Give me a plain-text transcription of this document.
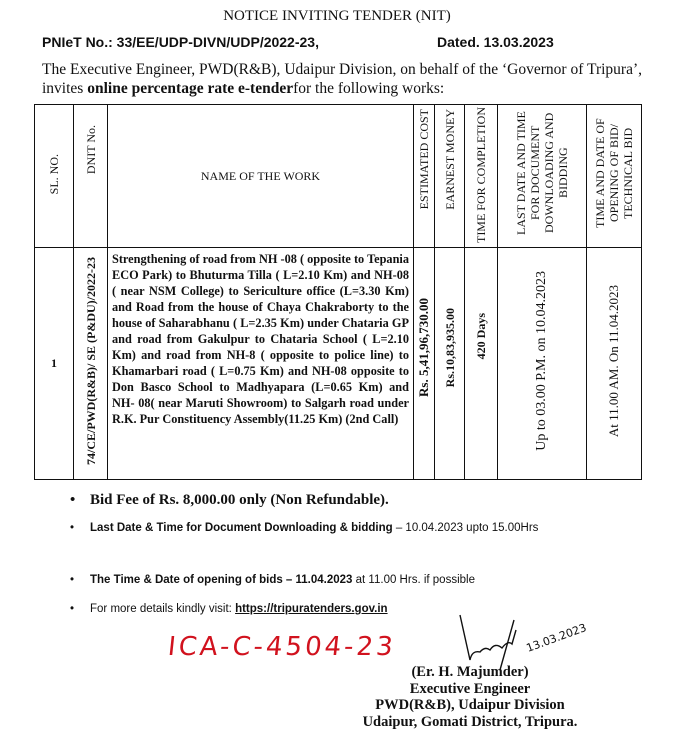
NOTICE INVITING TENDER (NIT)
PNIeT No.: 33/EE/UDP-DIVN/UDP/2022-23,	Dated. 13.03.2023
The Executive Engineer, PWD(R&B), Udaipur Division, on behalf of the ‘Governor of Tripura’, invites online percentage rate e-tenderfor the following works:
SL. NO.	DNIT No.	NAME OF THE WORK	ESTIMATED COST	EARNEST MONEY	TIME FOR COMPLETION	LAST DATE AND TIME FOR DOCUMENT DOWNLOADING AND BIDDING	TIME AND DATE OF OPENING OF BID/ TECHNICAL BID
1	74/CE/PWD(R&B)/ SE (P&DU)/2022-23	Strengthening of road from NH -08 ( opposite to Tepania ECO Park) to Bhuturma Tilla ( L=2.10 Km) and NH-08 ( near NSM College) to Sericulture office (L=3.30 Km) and Road from the house of Chaya Chakraborty to the house of Saharabhanu ( L=2.35 Km) under Chataria GP and road from Gakulpur to Chataria School ( L=2.10 Km) and road from NH-8 ( opposite to police line) to Khamarbari road ( L=0.75 Km) and NH-08 opposite to Don Basco School to Madhyapara (L=0.65 Km) and NH- 08( near Maruti Showroom) to Salgarh road under R.K. Pur Constituency Assembly(11.25 Km) (2nd Call)	Rs. 5,41,96,730.00	Rs.10,83,935.00	420 Days	Up to 03.00 P.M. on 10.04.2023	At 11.00 AM. On 11.04.2023
• Bid Fee of Rs. 8,000.00 only (Non Refundable).
• Last Date & Time for Document Downloading & bidding – 10.04.2023 upto 15.00Hrs
• The Time & Date of opening of bids – 11.04.2023 at 11.00 Hrs. if possible
• For more details kindly visit: https://tripuratenders.gov.in
ICA-C-4504-23	13.03.2023
(Er. H. Majumder)
Executive Engineer
PWD(R&B), Udaipur Division
Udaipur, Gomati District, Tripura.
